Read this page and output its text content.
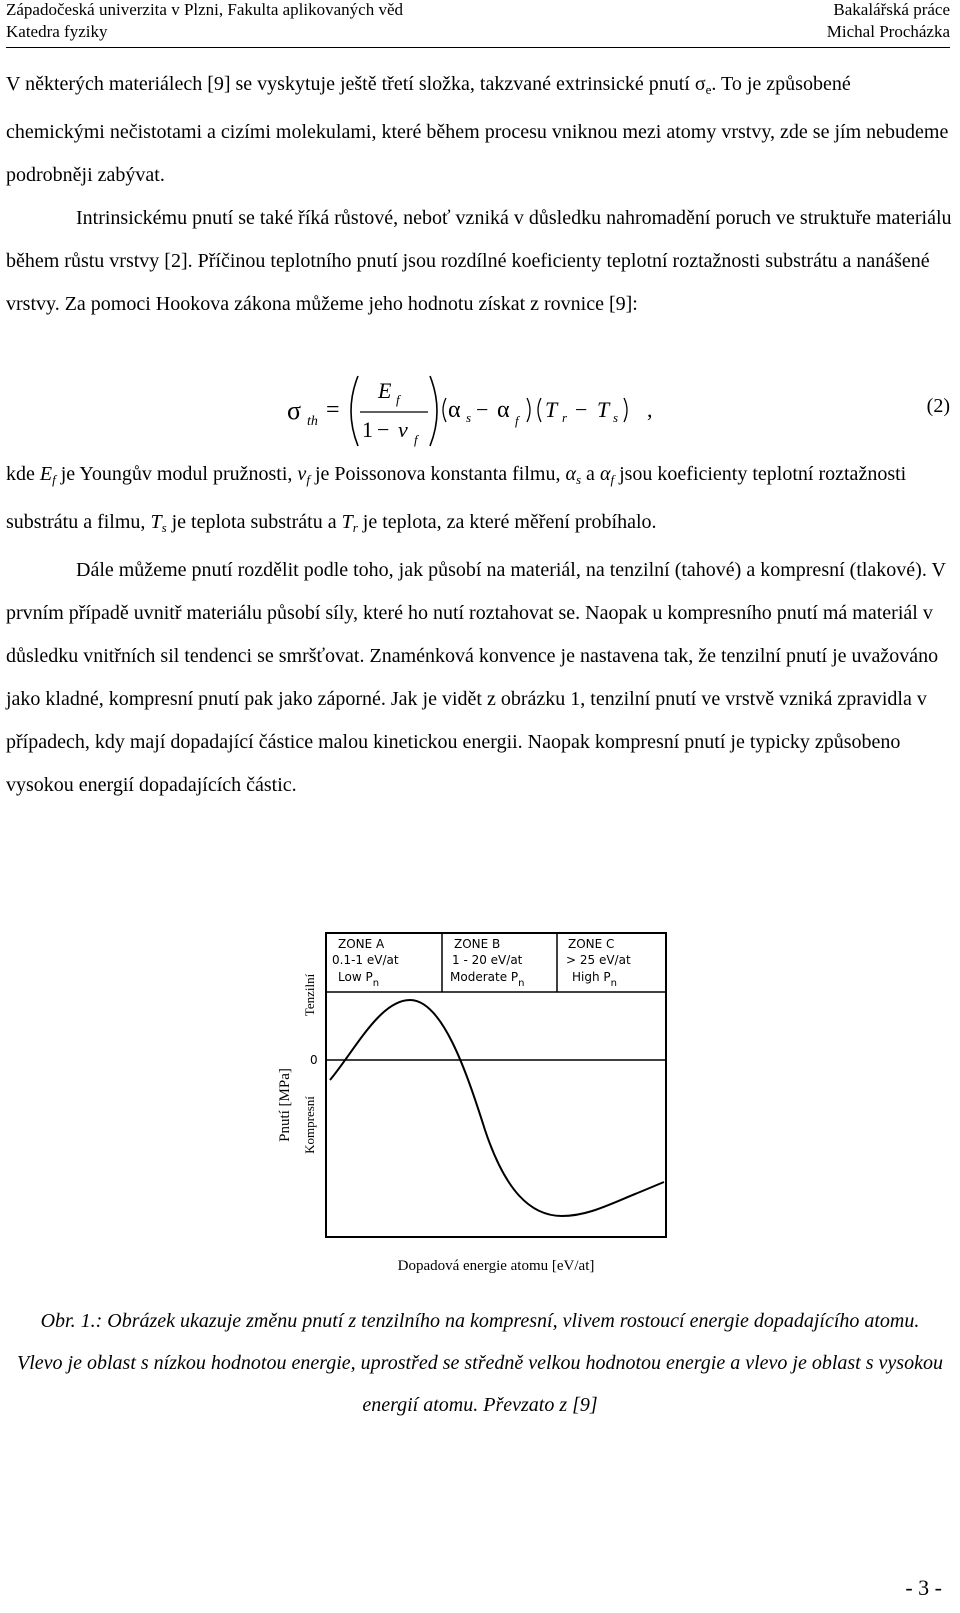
Západočeská univerzita v Plzni, Fakulta aplikovaných věd	Bakalářská práce
Katedra fyziky	Michal Procházka

V některých materiálech [9] se vyskytuje ještě třetí složka, takzvané extrinsické pnutí $\sigma_e$. To je způsobené chemickými nečistotami a cizími molekulami, které během procesu vniknou mezi atomy vrstvy, zde se jím nebudeme podrobněji zabývat.

Intrinsickému pnutí se také říká růstové, neboť vzniká v důsledku nahromadění poruch ve struktuře materiálu během růstu vrstvy [2]. Příčinou teplotního pnutí jsou rozdílné koeficienty teplotní roztažnosti substrátu a nanášené vrstvy. Za pomoci Hookova zákona můžeme jeho hodnotu získat z rovnice [9]:

σ th =
E f
1 − v f
α s − α f T r − T s ,	(2)

kde $E_f$ je Youngův modul pružnosti, $v_f$ je Poissonova konstanta filmu, $\alpha_s$ a $\alpha_f$ jsou koeficienty teplotní roztažnosti substrátu a filmu, $T_s$ je teplota substrátu a $T_r$ je teplota, za které měření probíhalo.

Dále můžeme pnutí rozdělit podle toho, jak působí na materiál, na tenzilní (tahové) a kompresní (tlakové). V prvním případě uvnitř materiálu působí síly, které ho nutí roztahovat se. Naopak u kompresního pnutí má materiál v důsledku vnitřních sil tendenci se smršťovat. Znaménková konvence je nastavena tak, že tenzilní pnutí je uvažováno jako kladné, kompresní pnutí pak jako záporné. Jak je vidět z obrázku 1, tenzilní pnutí ve vrstvě vzniká zpravidla v případech, kdy mají dopadající částice malou kinetickou energii. Naopak kompresní pnutí je typicky způsobeno vysokou energií dopadajících částic.

ZONE A
0.1-1 eV/at
Low $P_n$
ZONE B
1 - 20 eV/at
Moderate $P_n$
ZONE C
> 25 eV/at
High $P_n$
0
Pnutí [MPa]
Tenzilní
Kompresní
Dopadová energie atomu [eV/at]
Obr. 1.: Obrázek ukazuje změnu pnutí z tenzilního na kompresní, vlivem rostoucí energie dopadajícího atomu. Vlevo je oblast s nízkou hodnotou energie, uprostřed se středně velkou hodnotou energie a vlevo je oblast s vysokou energií atomu. Převzato z [9]
- 3 -
